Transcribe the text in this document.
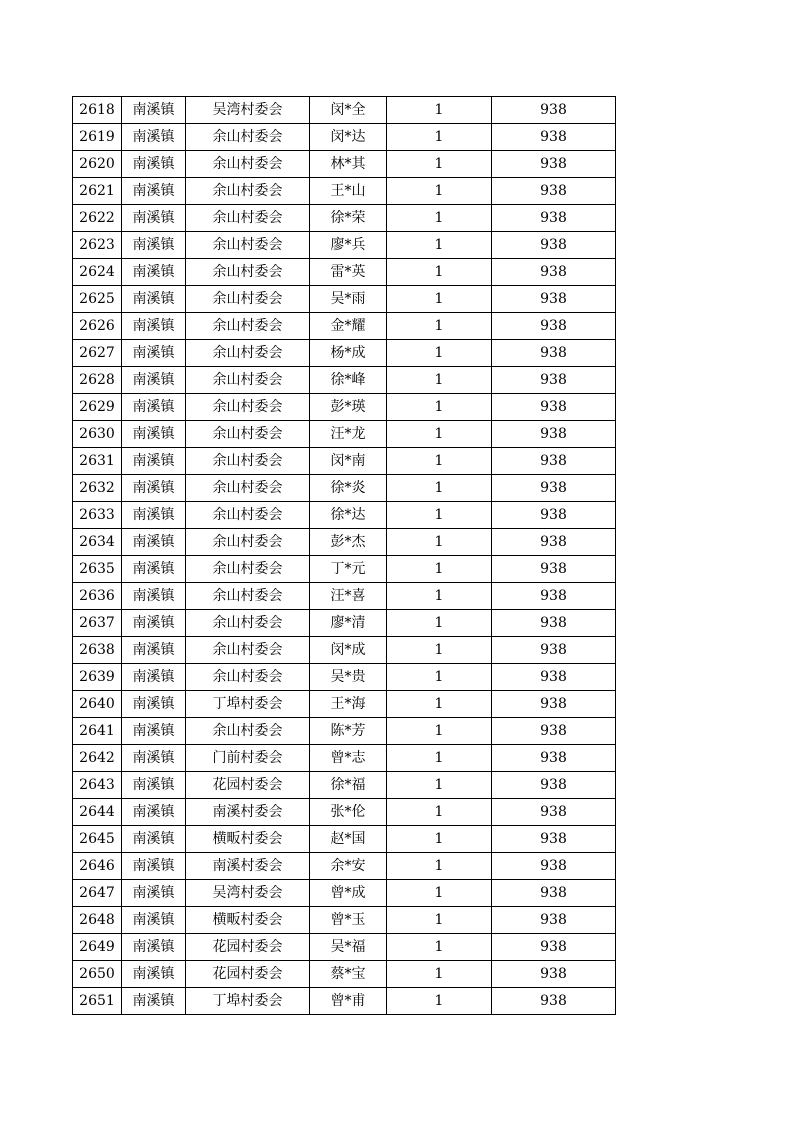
2618	南溪镇	吴湾村委会	闵*全	1	938
2619	南溪镇	余山村委会	闵*达	1	938
2620	南溪镇	余山村委会	林*其	1	938
2621	南溪镇	余山村委会	王*山	1	938
2622	南溪镇	余山村委会	徐*荣	1	938
2623	南溪镇	余山村委会	廖*兵	1	938
2624	南溪镇	余山村委会	雷*英	1	938
2625	南溪镇	余山村委会	吴*雨	1	938
2626	南溪镇	余山村委会	金*耀	1	938
2627	南溪镇	余山村委会	杨*成	1	938
2628	南溪镇	余山村委会	徐*峰	1	938
2629	南溪镇	余山村委会	彭*瑛	1	938
2630	南溪镇	余山村委会	汪*龙	1	938
2631	南溪镇	余山村委会	闵*南	1	938
2632	南溪镇	余山村委会	徐*炎	1	938
2633	南溪镇	余山村委会	徐*达	1	938
2634	南溪镇	余山村委会	彭*杰	1	938
2635	南溪镇	余山村委会	丁*元	1	938
2636	南溪镇	余山村委会	汪*喜	1	938
2637	南溪镇	余山村委会	廖*清	1	938
2638	南溪镇	余山村委会	闵*成	1	938
2639	南溪镇	余山村委会	吴*贵	1	938
2640	南溪镇	丁埠村委会	王*海	1	938
2641	南溪镇	余山村委会	陈*芳	1	938
2642	南溪镇	门前村委会	曾*志	1	938
2643	南溪镇	花园村委会	徐*福	1	938
2644	南溪镇	南溪村委会	张*伦	1	938
2645	南溪镇	横畈村委会	赵*国	1	938
2646	南溪镇	南溪村委会	余*安	1	938
2647	南溪镇	吴湾村委会	曾*成	1	938
2648	南溪镇	横畈村委会	曾*玉	1	938
2649	南溪镇	花园村委会	吴*福	1	938
2650	南溪镇	花园村委会	蔡*宝	1	938
2651	南溪镇	丁埠村委会	曾*甫	1	938
